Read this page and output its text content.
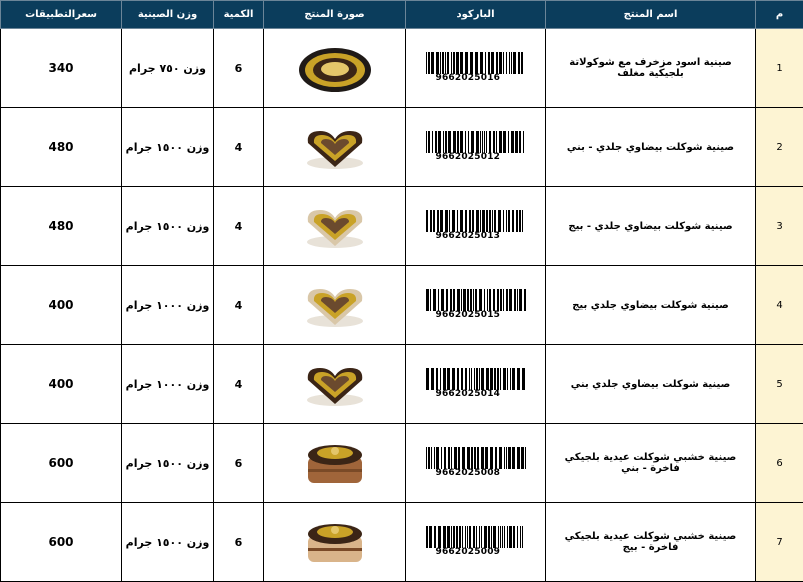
م	اسم المنتج	الباركود	صورة المنتج	الكمية	وزن الصينية	سعرالتطبيقات
1	صينية اسود مزخرف مع شوكولاتة بلجيكية مغلف	9662025016		6	وزن ٧٥٠ جرام	340
2	صينية شوكلت بيضاوي جلدي - بني	9662025012		4	وزن ١٥٠٠ جرام	480
3	صينية شوكلت بيضاوي جلدي - بيج	9662025013		4	وزن ١٥٠٠ جرام	480
4	صينية شوكلت بيضاوي جلدي بيج	9662025015		4	وزن ١٠٠٠ جرام	400
5	صينية شوكلت بيضاوي جلدي بني	9662025014		4	وزن ١٠٠٠ جرام	400
6	صينية خشبي شوكلت عيدية بلجيكي فاخرة - بني	9662025008		6	وزن ١٥٠٠ جرام	600
7	صينية خشبي شوكلت عيدية بلجيكي فاخرة - بيج	9662025009		6	وزن ١٥٠٠ جرام	600
